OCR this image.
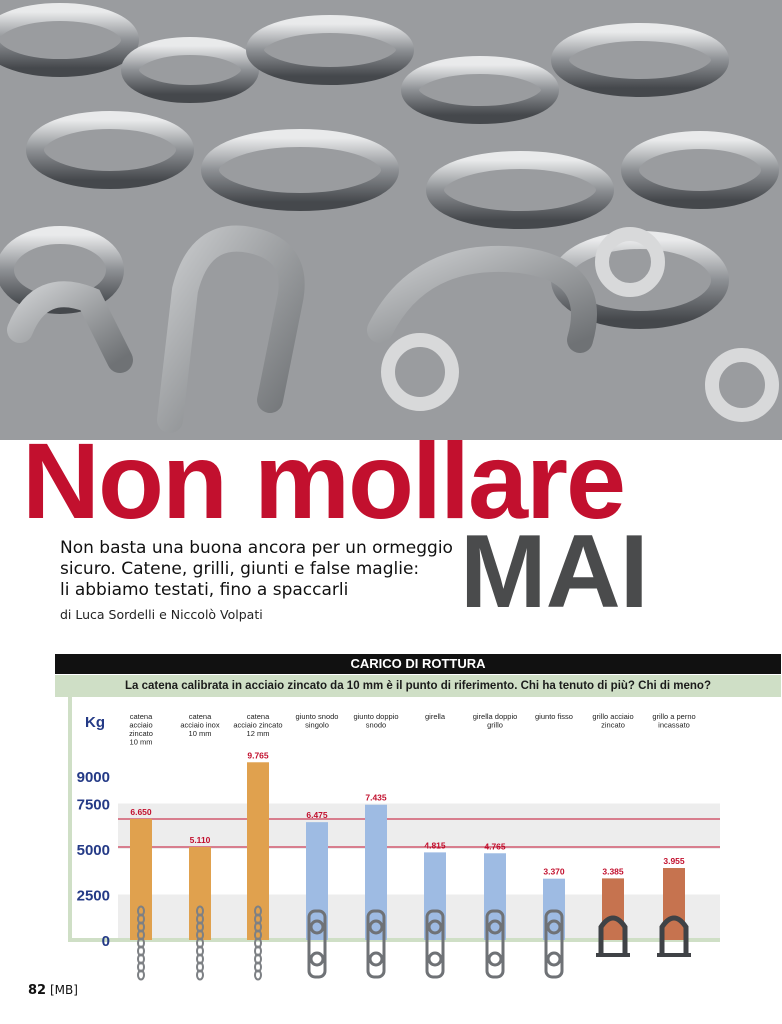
Non mollare
MAI
Non basta una buona ancora per un ormeggio
sicuro. Catene, grilli, giunti e false maglie:
li abbiamo testati, fino a spaccarli
di Luca Sordelli e Niccolò Volpati
CARICO DI ROTTURA
La catena calibrata in acciaio zincato da 10 mm è il punto di riferimento. Chi ha tenuto di più? Chi di meno?
Kg
0
2500
5000
7500
9000
catena
acciaio
zincato
10 mm
catena
acciaio inox
10 mm
catena
acciaio zincato
12 mm
giunto snodo
singolo
giunto doppio
snodo
girella	girella doppio
grillo
giunto fisso	grillo acciaio
zincato
grillo a perno
incassato
6.650
5.110
9.765
6.475
7.435
4.815	4.765
3.370	3.385
3.955
82 [MB]
